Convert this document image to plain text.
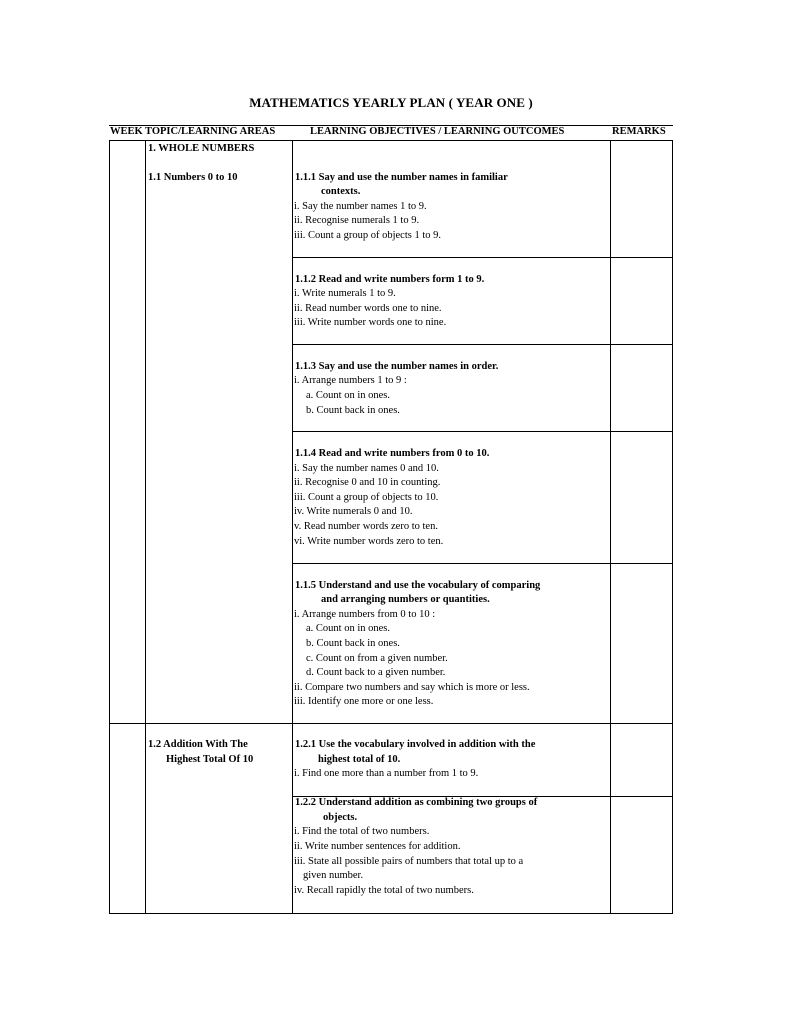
MATHEMATICS YEARLY PLAN ( YEAR ONE )
WEEK TOPIC/LEARNING AREAS	LEARNING OBJECTIVES / LEARNING OUTCOMES	REMARKS
1. WHOLE NUMBERS
1.1 Numbers 0 to 10
1.2 Addition With The
Highest Total Of 10
1.1.1 Say and use the number names in familiar
contexts.
i. Say the number names 1 to 9.
ii. Recognise numerals 1 to 9.
iii. Count a group of objects 1 to 9.
1.1.2 Read and write numbers form 1 to 9.
i. Write numerals 1 to 9.
ii. Read number words one to nine.
iii. Write number words one to nine.
1.1.3 Say and use the number names in order.
i. Arrange numbers 1 to 9 :
a. Count on in ones.
b. Count back in ones.
1.1.4 Read and write numbers from 0 to 10.
i. Say the number names 0 and 10.
ii. Recognise 0 and 10 in counting.
iii. Count a group of objects to 10.
iv. Write numerals 0 and 10.
v. Read number words zero to ten.
vi. Write number words zero to ten.
1.1.5 Understand and use the vocabulary of comparing
and arranging numbers or quantities.
i. Arrange numbers from 0 to 10 :
a. Count on in ones.
b. Count back in ones.
c. Count on from a given number.
d. Count back to a given number.
ii. Compare two numbers and say which is more or less.
iii. Identify one more or one less.
1.2.1 Use the vocabulary involved in addition with the
highest total of 10.
i. Find one more than a number from 1 to 9.
1.2.2 Understand addition as combining two groups of
objects.
i. Find the total of two numbers.
ii. Write number sentences for addition.
iii. State all possible pairs of numbers that total up to a
given number.
iv. Recall rapidly the total of two numbers.
